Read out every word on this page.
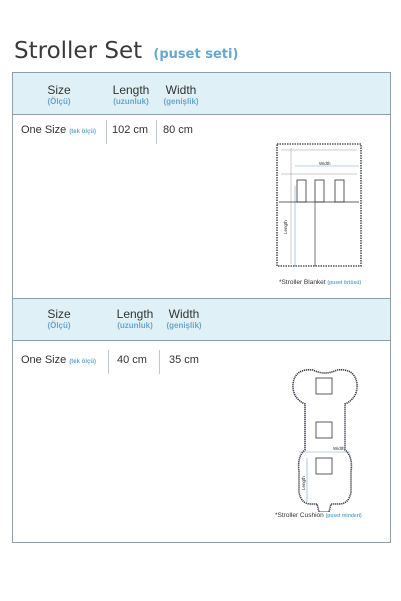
Stroller Set (puset seti)
Size
(Ölçü)
Length
(uzunluk)
Width
(genişlik)
One Size (tek ölçü) 102 cm 80 cm
Width
Length
*Stroller Blanket (puset örtüsü)
Size
(Ölçü)
Length
(uzunluk)
Width
(genişlik)
One Size (tek ölçü) 40 cm 35 cm
Width
Length
*Stroller Cushion (puset minderi)
